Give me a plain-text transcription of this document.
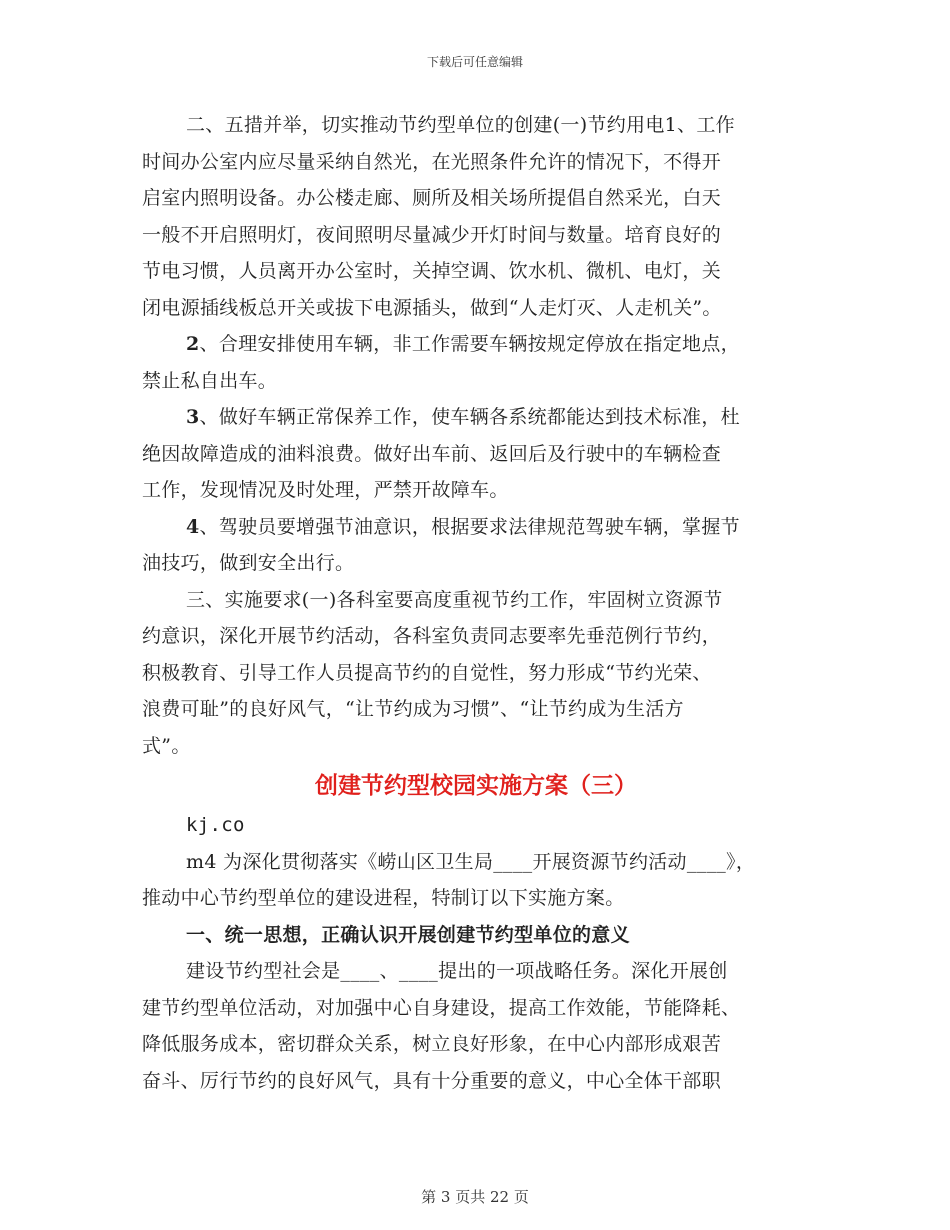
下载后可任意编辑

二、五措并举，切实推动节约型单位的创建(一)节约用电1、工作
时间办公室内应尽量采纳自然光，在光照条件允许的情况下，不得开
启室内照明设备。办公楼走廊、厕所及相关场所提倡自然采光，白天
一般不开启照明灯，夜间照明尽量减少开灯时间与数量。培育良好的
节电习惯，人员离开办公室时，关掉空调、饮水机、微机、电灯，关
闭电源插线板总开关或拔下电源插头，做到“人走灯灭、人走机关”。

2、合理安排使用车辆，非工作需要车辆按规定停放在指定地点，
禁止私自出车。

3、做好车辆正常保养工作，使车辆各系统都能达到技术标准，杜
绝因故障造成的油料浪费。做好出车前、返回后及行驶中的车辆检查
工作，发现情况及时处理，严禁开故障车。

4、驾驶员要增强节油意识，根据要求法律规范驾驶车辆，掌握节
油技巧，做到安全出行。

三、实施要求(一)各科室要高度重视节约工作，牢固树立资源节
约意识，深化开展节约活动，各科室负责同志要率先垂范例行节约，
积极教育、引导工作人员提高节约的自觉性，努力形成“节约光荣、
浪费可耻”的良好风气，“让节约成为习惯”、“让节约成为生活方
式”。

创建节约型校园实施方案（三）

kj.co

m4 为深化贯彻落实《崂山区卫生局____开展资源节约活动____》，
推动中心节约型单位的建设进程，特制订以下实施方案。

一、统一思想，正确认识开展创建节约型单位的意义

建设节约型社会是____、____提出的一项战略任务。深化开展创
建节约型单位活动，对加强中心自身建设，提高工作效能，节能降耗、
降低服务成本，密切群众关系，树立良好形象，在中心内部形成艰苦
奋斗、厉行节约的良好风气，具有十分重要的意义，中心全体干部职

第 3 页共 22 页
